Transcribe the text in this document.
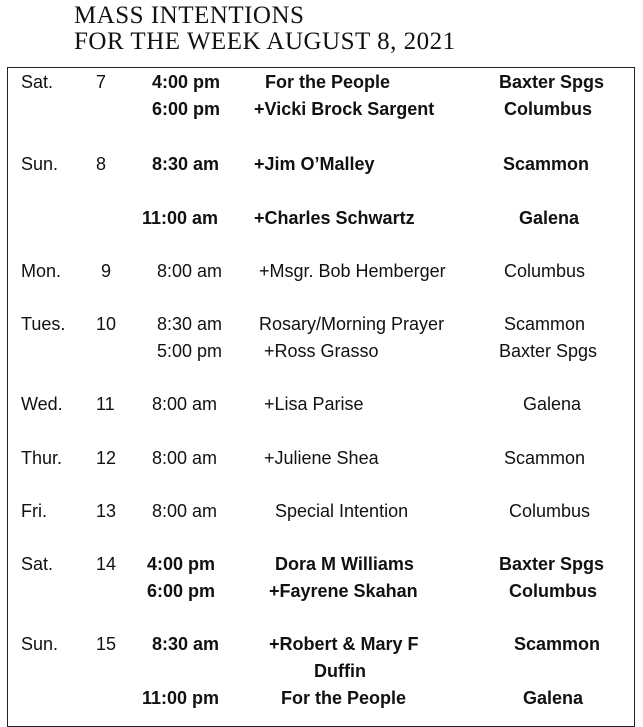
MASS INTENTIONS
FOR THE WEEK AUGUST 8, 2021
Sat. 7	4:00 pm For the People	Baxter Spgs
6:00 pm +Vicki Brock Sargent	Columbus
Sun. 8	8:30 am +Jim O’Malley	Scammon
11:00 am +Charles Schwartz	Galena
Mon. 9	8:00 am +Msgr. Bob Hemberger	Columbus
Tues. 10 8:30 am Rosary/Morning Prayer	Scammon
5:00 pm +Ross Grasso	Baxter Spgs
Wed. 11 8:00 am	+Lisa Parise	Galena
Thur. 12 8:00 am	+Juliene Shea	Scammon
Fri.	13 8:00 am	Special Intention	Columbus
Sat. 14 4:00 pm	Dora M Williams	Baxter Spgs
6:00 pm	+Fayrene Skahan	Columbus
Sun. 15 8:30 am	+Robert & Mary F	Scammon
Duffin
11:00 pm	For the People	Galena
